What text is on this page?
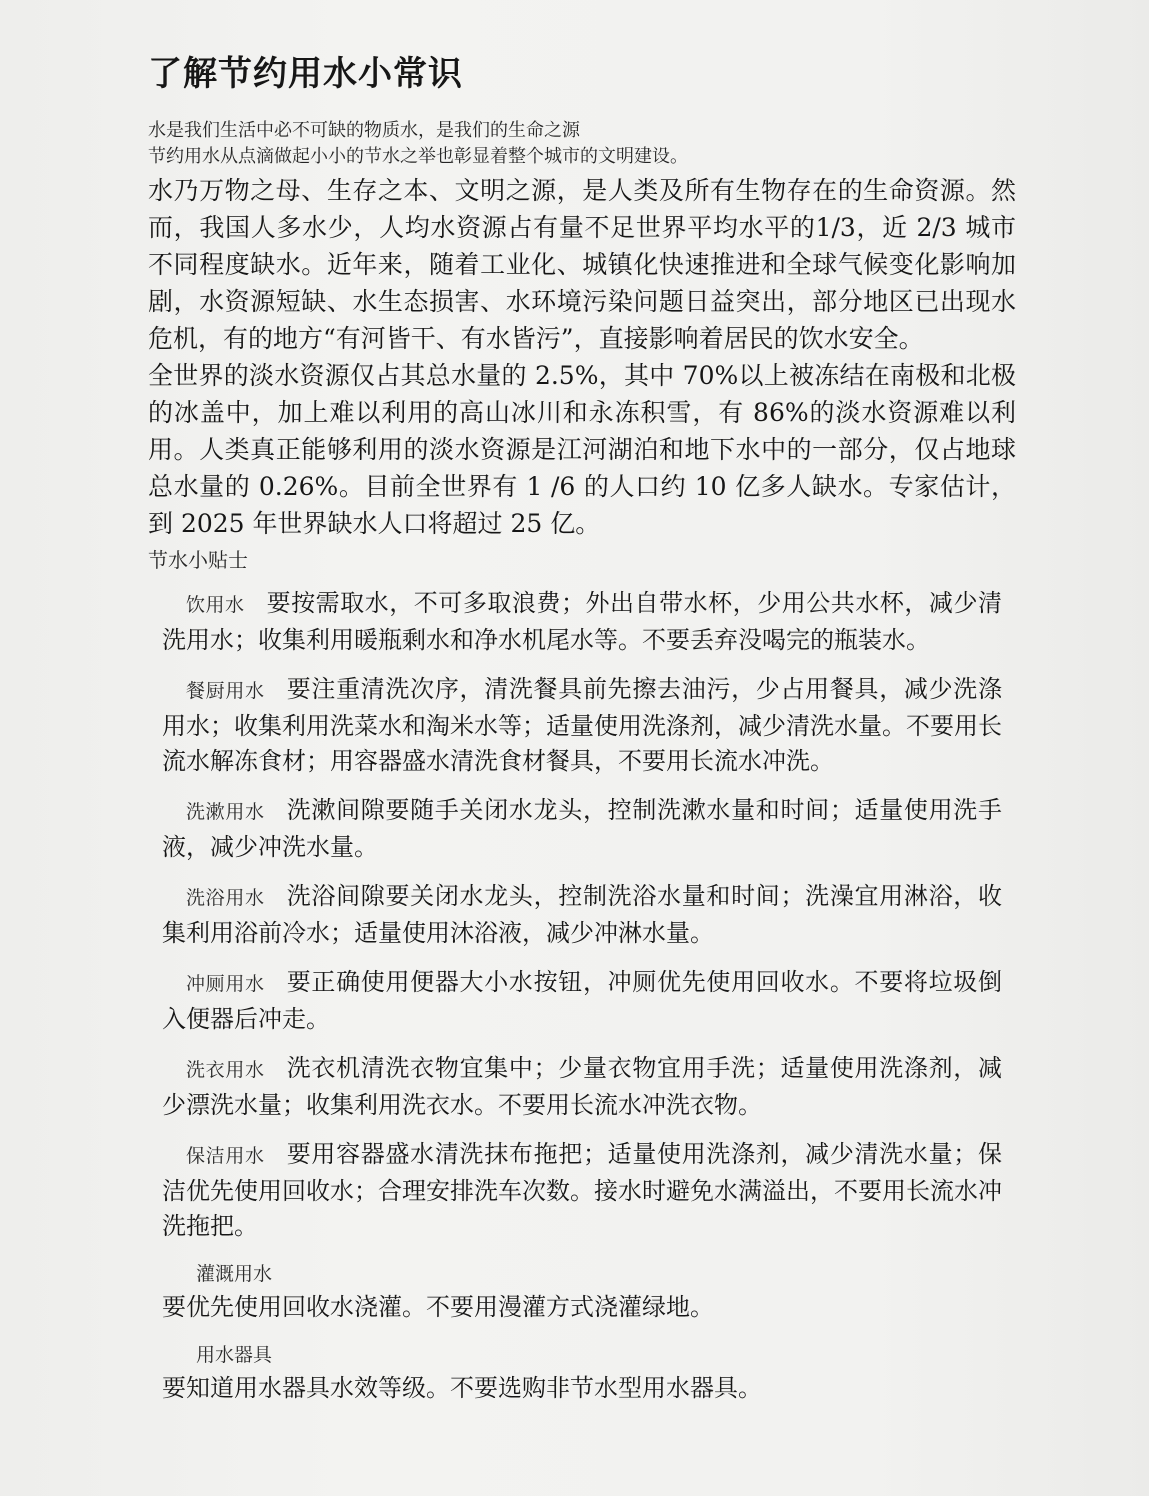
了解节约用水小常识

水是我们生活中必不可缺的物质水，是我们的生命之源

节约用水从点滴做起小小的节水之举也彰显着整个城市的文明建设。

水乃万物之母、生存之本、文明之源，是人类及所有生物存在的生命资源。然而，我国人多水少，人均水资源占有量不足世界平均水平的1/3，近 2/3 城市不同程度缺水。近年来，随着工业化、城镇化快速推进和全球气候变化影响加剧，水资源短缺、水生态损害、水环境污染问题日益突出，部分地区已出现水危机，有的地方“有河皆干、有水皆污”，直接影响着居民的饮水安全。

全世界的淡水资源仅占其总水量的 2.5%，其中 70%以上被冻结在南极和北极的冰盖中，加上难以利用的高山冰川和永冻积雪，有 86%的淡水资源难以利用。人类真正能够利用的淡水资源是江河湖泊和地下水中的一部分，仅占地球总水量的 0.26%。目前全世界有 1 /6 的人口约 10 亿多人缺水。专家估计，到 2025 年世界缺水人口将超过 25 亿。

节水小贴士

饮用水 要按需取水，不可多取浪费；外出自带水杯，少用公共水杯，减少清洗用水；收集利用暖瓶剩水和净水机尾水等。不要丢弃没喝完的瓶装水。

餐厨用水 要注重清洗次序，清洗餐具前先擦去油污，少占用餐具，减少洗涤用水；收集利用洗菜水和淘米水等；适量使用洗涤剂，减少清洗水量。不要用长流水解冻食材；用容器盛水清洗食材餐具，不要用长流水冲洗。

洗漱用水 洗漱间隙要随手关闭水龙头，控制洗漱水量和时间；适量使用洗手液，减少冲洗水量。

洗浴用水 洗浴间隙要关闭水龙头，控制洗浴水量和时间；洗澡宜用淋浴，收集利用浴前冷水；适量使用沐浴液，减少冲淋水量。

冲厕用水 要正确使用便器大小水按钮，冲厕优先使用回收水。不要将垃圾倒入便器后冲走。

洗衣用水 洗衣机清洗衣物宜集中；少量衣物宜用手洗；适量使用洗涤剂，减少漂洗水量；收集利用洗衣水。不要用长流水冲洗衣物。

保洁用水 要用容器盛水清洗抹布拖把；适量使用洗涤剂，减少清洗水量；保洁优先使用回收水；合理安排洗车次数。接水时避免水满溢出，不要用长流水冲洗拖把。

灌溉用水
要优先使用回收水浇灌。不要用漫灌方式浇灌绿地。
用水器具
要知道用水器具水效等级。不要选购非节水型用水器具。
